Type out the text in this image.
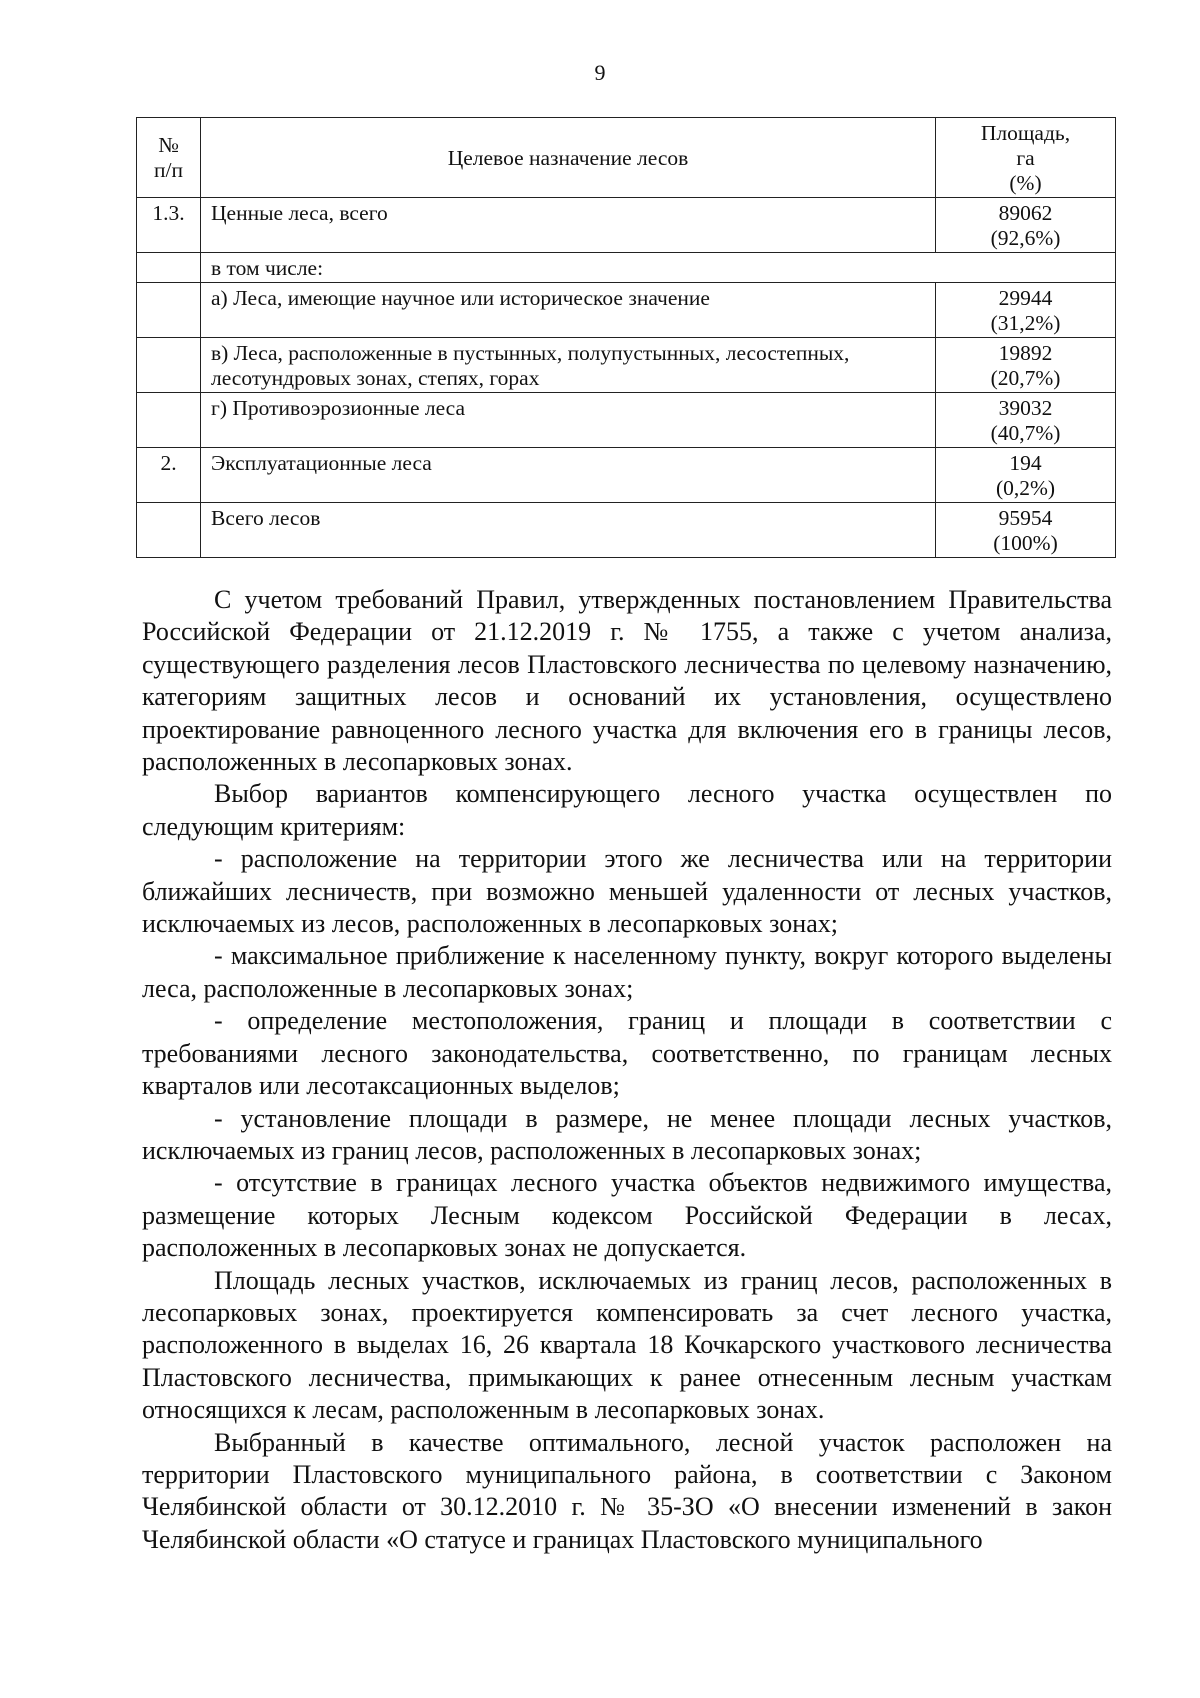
9
№ п/п	Целевое назначение лесов	Площадь,
га
(%)

1.3.	Ценные леса, всего	89062
(92,6%)

	в том числе:	
	а) Леса, имеющие научное или историческое значение	29944
(31,2%)

	в) Леса, расположенные в пустынных, полупустынных, лесостепных, лесотундровых зонах, степях, горах	19892
(20,7%)

	г) Противоэрозионные леса	39032
(40,7%)

2.	Эксплуатационные леса	194
(0,2%)

	Всего лесов	95954
(100%)

С учетом требований Правил, утвержденных постановлением Правительства Российской Федерации от 21.12.2019 г. № 1755, а также с учетом анализа, существующего разделения лесов Пластовского лесничества по целевому назначению, категориям защитных лесов и оснований их установления, осуществлено проектирование равноценного лесного участка для включения его в границы лесов, расположенных в лесопарковых зонах.

Выбор вариантов компенсирующего лесного участка осуществлен по следующим критериям:

- расположение на территории этого же лесничества или на территории ближайших лесничеств, при возможно меньшей удаленности от лесных участков, исключаемых из лесов, расположенных в лесопарковых зонах;

- максимальное приближение к населенному пункту, вокруг которого выделены леса, расположенные в лесопарковых зонах;

- определение местоположения, границ и площади в соответствии с требованиями лесного законодательства, соответственно, по границам лесных кварталов или лесотаксационных выделов;

- установление площади в размере, не менее площади лесных участков, исключаемых из границ лесов, расположенных в лесопарковых зонах;

- отсутствие в границах лесного участка объектов недвижимого имущества, размещение которых Лесным кодексом Российской Федерации в лесах, расположенных в лесопарковых зонах не допускается.

Площадь лесных участков, исключаемых из границ лесов, расположенных в лесопарковых зонах, проектируется компенсировать за счет лесного участка, расположенного в выделах 16, 26 квартала 18 Кочкарского участкового лесничества Пластовского лесничества, примыкающих к ранее отнесенным лесным участкам относящихся к лесам, расположенным в лесопарковых зонах.

Выбранный в качестве оптимального, лесной участок расположен на территории Пластовского муниципального района, в соответствии с Законом Челябинской области от 30.12.2010 г. № 35-ЗО «О внесении изменений в закон Челябинской области «О статусе и границах Пластовского муниципального
